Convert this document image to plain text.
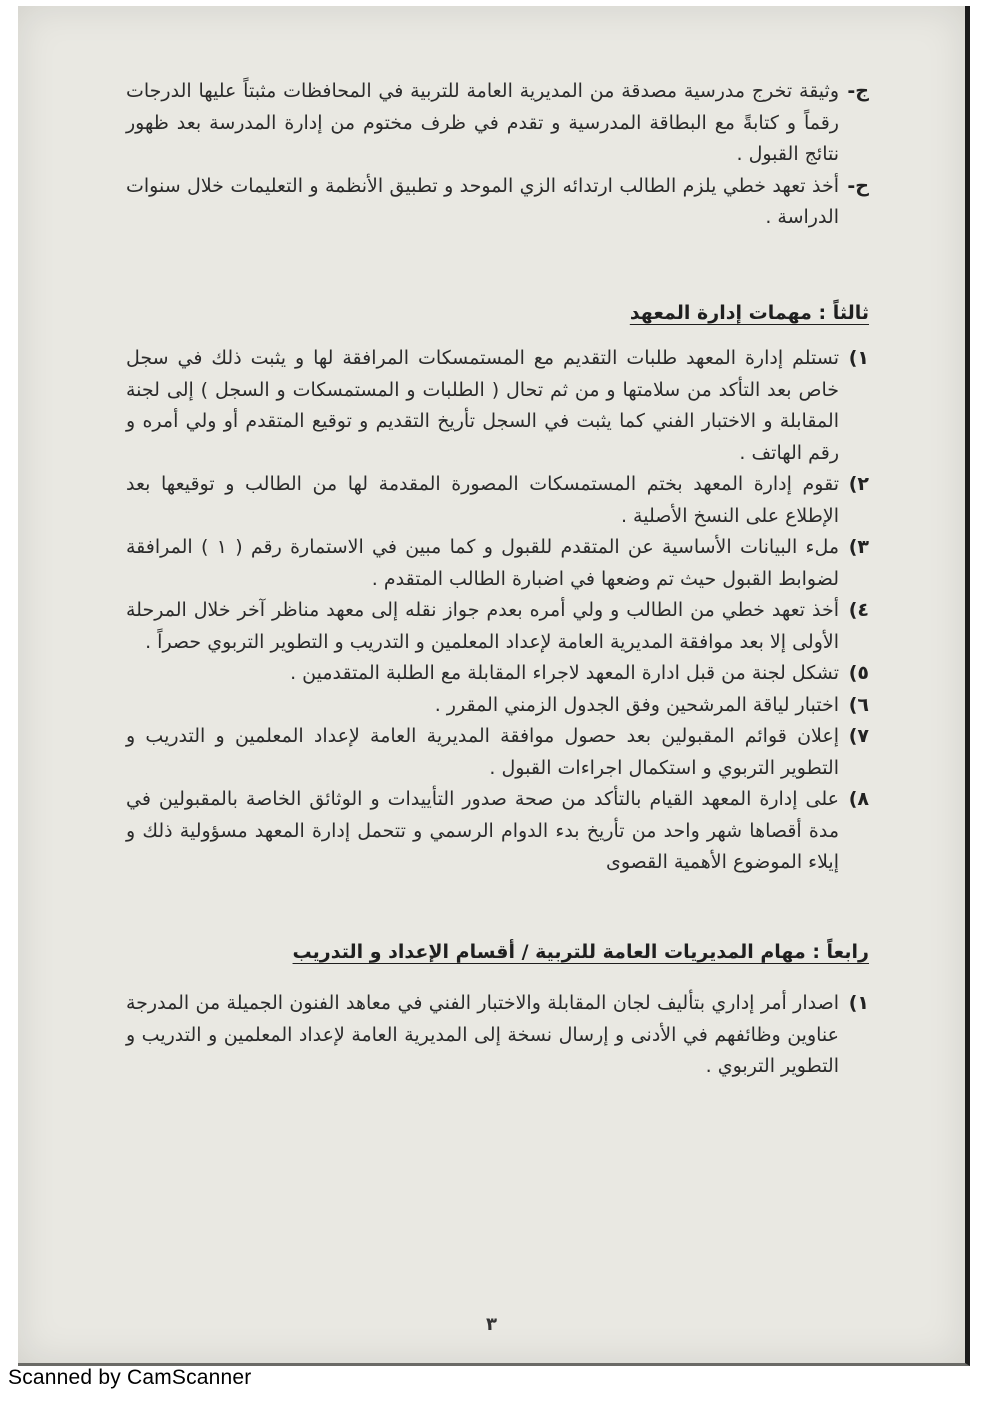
ج-
وثيقة تخرج مدرسية مصدقة من المديرية العامة للتربية في المحافظات مثبتاً عليها الدرجات رقماً و كتابةً مع البطاقة المدرسية و تقدم في ظرف مختوم من إدارة المدرسة بعد ظهور نتائج القبول .
ح-
أخذ تعهد خطي يلزم الطالب ارتدائه الزي الموحد و تطبيق الأنظمة و التعليمات خلال سنوات الدراسة .
ثالثاً : مهمات إدارة المعهد
١)
تستلم إدارة المعهد طلبات التقديم مع المستمسكات المرافقة لها و يثبت ذلك في سجل خاص بعد التأكد من سلامتها و من ثم تحال ( الطلبات و المستمسكات و السجل ) إلى لجنة المقابلة و الاختبار الفني كما يثبت في السجل تأريخ التقديم و توقيع المتقدم أو ولي أمره و رقم الهاتف .
٢)
تقوم إدارة المعهد بختم المستمسكات المصورة المقدمة لها من الطالب و توقيعها بعد الإطلاع على النسخ الأصلية .
٣)
ملء البيانات الأساسية عن المتقدم للقبول و كما مبين في الاستمارة رقم ( ١ ) المرافقة لضوابط القبول حيث تم وضعها في اضبارة الطالب المتقدم .
٤)
أخذ تعهد خطي من الطالب و ولي أمره بعدم جواز نقله إلى معهد مناظر آخر خلال المرحلة الأولى إلا بعد موافقة المديرية العامة لإعداد المعلمين و التدريب و التطوير التربوي حصراً .
٥)
تشكل لجنة من قبل ادارة المعهد لاجراء المقابلة مع الطلبة المتقدمين .
٦)
اختبار لياقة المرشحين وفق الجدول الزمني المقرر .
٧)
إعلان قوائم المقبولين بعد حصول موافقة المديرية العامة لإعداد المعلمين و التدريب و التطوير التربوي و استكمال اجراءات القبول .
٨)
على إدارة المعهد القيام بالتأكد من صحة صدور التأييدات و الوثائق الخاصة بالمقبولين في مدة أقصاها شهر واحد من تأريخ بدء الدوام الرسمي و تتحمل إدارة المعهد مسؤولية ذلك و إيلاء الموضوع الأهمية القصوى
رابعاً : مهام المديريات العامة للتربية / أقسام الإعداد و التدريب
١)
اصدار أمر إداري بتأليف لجان المقابلة والاختبار الفني في معاهد الفنون الجميلة من المدرجة عناوين وظائفهم في الأدنى و إرسال نسخة إلى المديرية العامة لإعداد المعلمين و التدريب و التطوير التربوي .
٣
Scanned by CamScanner
